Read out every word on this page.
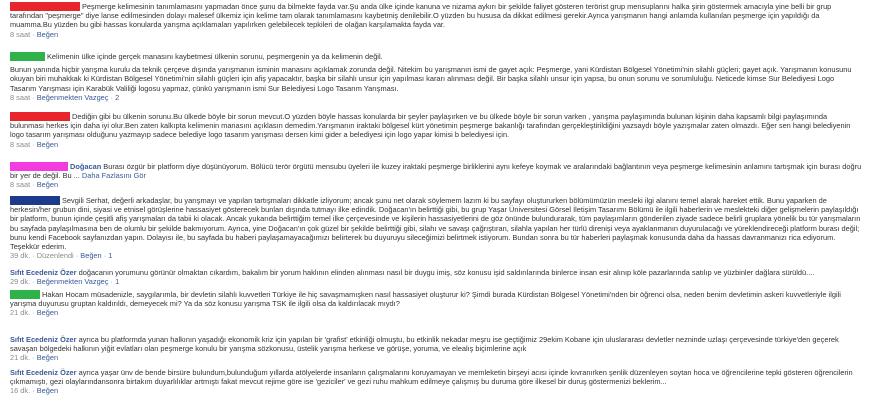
Peşmerge kelimesinin tanımlamasını yapmadan önce şunu da bilmekte fayda var.Şu anda ülke içinde kanuna ve nizama aykırı bir şekilde faliyet gösteren terörist grup mensuplarını halka şirin göstermek amacıyla yine belli bir grup tarafından "peşmerge" diye lanse edilmesinden dolayı malesef ülkemiz için kelime tam olarak tanımlamasını kaybetmiş denilebilir.O yüzden bu hususa da dikkat edilmesi gerekir.Ayrıca yarışmanın hangi anlamda kullanılan peşmerge için yapıldığı da muamma.Bu yüzden bu gibi hassas konularda yarışma açıklamaları yapılırken gelebilecek tepkileri de olağan karşılamakta fayda var.

8 saat · Beğen

Kelimenin ülke içinde gerçek manasını kaybetmesi ülkenin sorunu, peşmergenin ya da kelimenin değil.

Bunun yanında hiçbir yarışma kurulu da teknik çerçeve dışında yarışmanın isminin manasını açıklamak zorunda değil. Nitekim bu yarışmanın ismi de gayet açık: Peşmerge, yani Kürdistan Bölgesel Yönetimi'nin silahlı güçleri; gayet açık. Yarışmanın konusunu okuyan biri muhakkak ki Kürdistan Bölgesel Yönetimi'nin silahlı güçleri için afiş yapacaktır, başka bir silahlı unsur için yapılması kararı alınması değil. Bir başka silahlı unsur için yapsa, bu onun sorunu ve sorumluluğu. Neticede kimse Sur Belediyesi Logo Tasarım Yarışması için Karabük Valiliği logosu yapmaz, çünkü yarışmanın ismi Sur Belediyesi Logo Tasarım Yarışması.

8 saat · Beğenmekten Vazgeç · 2

Dediğin gibi bu ülkenin sorunu.Bu ülkede böyle bir sorun mevcut.O yüzden böyle hassas konularda bir şeyler paylaşırken ve bu ülkede böyle bir sorun varken , yarışma paylaşımında bulunan kişinin daha kapsamlı bilgi paylaşımında bulunması herkes için daha iyi olur.Ben zaten kalkıpta kelimenin manasını açıklasın demedim.Yarışmanın iraktaki bölgesel kürt yönetimin peşmerge bakanlığı tarafından gerçekleştirildiğini yazsaydı böyle yazışmalar zaten olmazdı. Eğer sen hangi belediyenin logo tasarım yarışması olduğunu yazmayıp sadece belediye logo tasarım yarışması dersen kimi gider a belediyesi için logo yapar kimisi b belediyesi için.

8 saat · Beğen

Doğacan Burası özgür bir platform diye düşünüyorum. Bölücü terör örgütü mensubu üyeleri ile kuzey iraktaki peşmerge birliklerini aynı kefeye koymak ve aralarındaki bağlantının veya peşmerge kelimesinin anlamını tartışmak için burası doğru bir yer de değil. Bu ... Daha Fazlasını Gör

8 saat · Beğen

Sevgili Serhat, değerli arkadaşlar, bu yarışmayı ve yapılan tartışmaları dikkatle izliyorum; ancak şunu net olarak söylemem lazım ki bu sayfayı oluştururken bölümümüzün mesleki ilgi alanını temel alarak hareket ettik. Bunu yaparken de herkesin/her grubun dini, siyasi ve etnisel görüşlerine hassasiyet gösterecek bunları dışında tutmayı ilke edindik. Doğacan'ın belirttiği gibi, bu grup Yaşar Üniversitesi Görsel İletişim Tasarımı Bölümü ile ilgili haberlerin ve meslekteki diğer gelişmelerin paylaşıldığı bir platform, bunun içinde çeşitli afiş yarışmaları da tabii ki olacak. Ancak yukarıda belirttiğim temel ilke çerçevesinde ve kişilerin hassasiyetlerini de göz önünde bulundurarak, tüm paylaşımların gönderilen ziyade sadece belirli gruplara yönelik bu tür yarışmaların bu sayfada paylaşılmasına ben de olumlu bir şekilde bakmıyorum. Ayrıca, yine Doğacan'ın çok güzel bir şekilde belirttiği gibi, silahı ve savaşı çağrıştıran, silahla yapılan her türlü direnişi veya ayaklanmanın duyurulacağı ve yüreklendireceği platform burası değil; bunu kendi Facebook sayfanızdan yapın. Dolayısı ile, bu sayfada bu haberi paylaşamayacağımızı belirterek bu duyuruyu sileceğimizi belirtmek istiyorum. Bundan sonra bu tür haberleri paylaşmak konusunda daha da hassas davranmanızı rica ediyorum. Teşekkür ederim.

39 dk. · Düzenlendi · Beğen · 1

Sıfıt Ecedeniz Özer doğacanın yorumunu görünür olmaktan cıkardım, bakalım bir yorum haklının elinden alınması nasıl bir duygu imiş, söz konusu işid saldırılarında binlerce insan esir alınıp köle pazarlarında satılıp ve yüzbinler dağlara sürüldü....

29 dk. · Beğenmekten Vazgeç · 1

Hakan Hocam müsadenizle, saygılarımla, bir devletin silahlı kuvvetleri Türkiye ile hiç savaşmamışken nasıl hassasiyet oluşturur ki? Şimdi burada Kürdistan Bölgesel Yönetimi'nden bir öğrenci olsa, neden benim devletimin askeri kuvvetleriyle ilgili yarışma duyurusu gruptan kaldırıldı, demeyecek mi? Ya da söz konusu yarışma TSK ile ilgili olsa da kaldırılacak mıydı?

21 dk. · Beğen

Sıfıt Ecedeniz Özer ayrıca bu platformda yunan halkının yaşadığı ekonomik kriz için yapılan bir 'grafist' etkinliği olmuştu, bu etkinlik nekadar meşru ise geçtiğimiz 29ekim Kobane için uluslararası devletler nezninde uzlaşı çerçevesinde türkiye'den geçerek savaşan bölgedeki halkının yiğit evlatları olan peşmerge konulu bir yarışma sözkonusu, üstelik yarışma herkese ve görüşe, yoruma, ve elealış biçimlerine açık

21 dk. · Beğen

Sıfıt Ecedeniz Özer ayrıca yaşar ünv de bende birsüre bulundum,bulunduğum yıllarda atölyelerde insanların çalışmalarını koruyamayan ve memleketin birşeyi acısı içinde kıvranırken şenlik düzenleyen soytan hoca ve öğrencilerine tepki gösteren öğrencilerin çıkmamıştı, gezi olaylarındansonra birtakım duyarlılıklar artmıştı fakat mevcut rejime göre ise 'geziciler' ve gezi ruhu mahkum edilmeye çalışmış bu duruma göre ilkesel bir duruş göstermenizi beklerim...

16 dk. · Beğen
